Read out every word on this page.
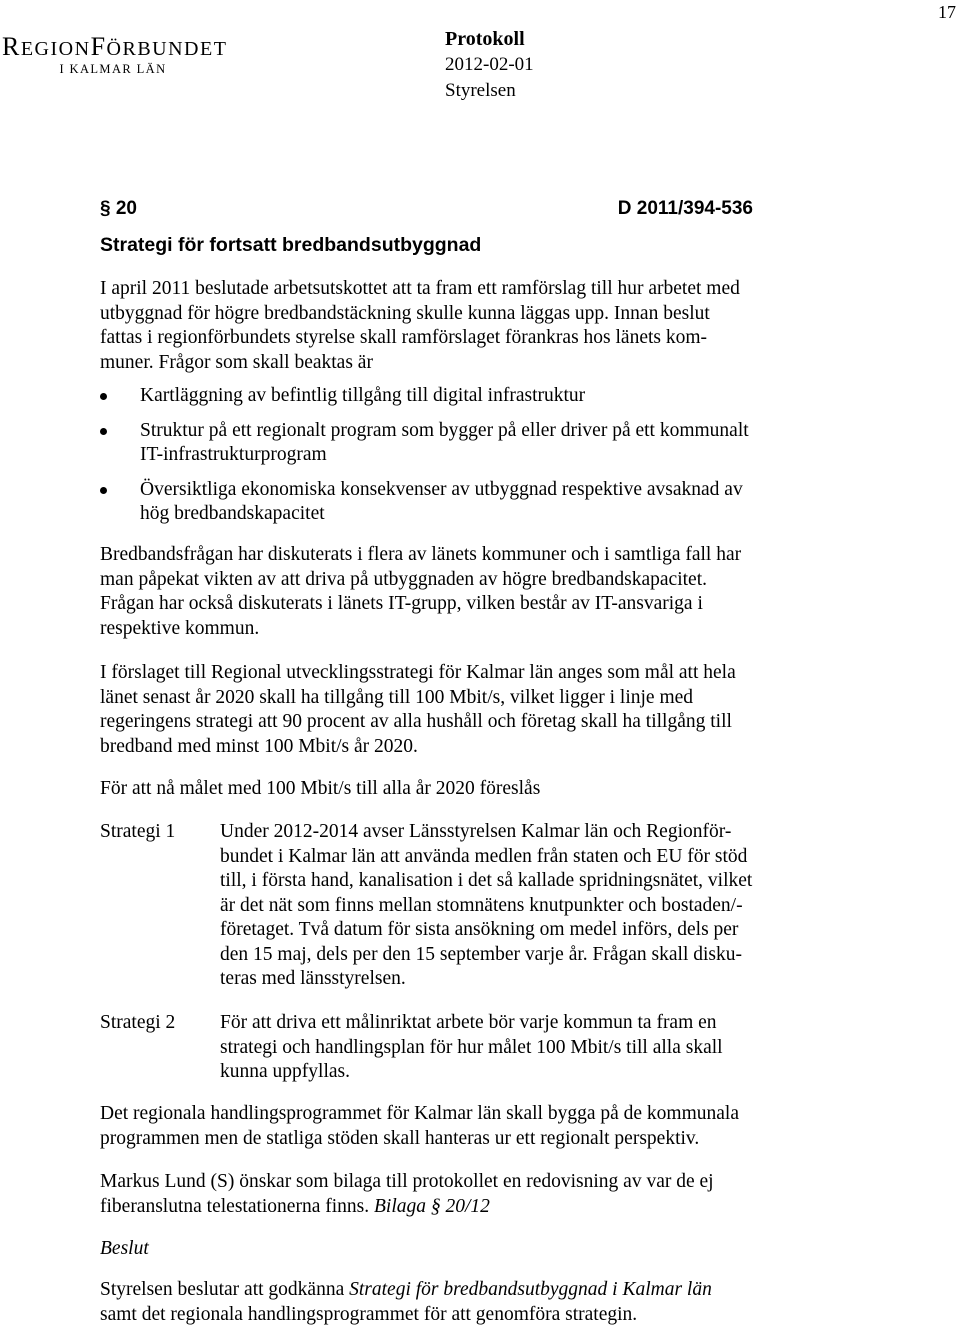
17
REGIONFÖRBUNDET
I KALMAR LÄN
Protokoll
2012-02-01
Styrelsen
§ 20	D 2011/394-536
Strategi för fortsatt bredbandsutbyggnad

I april 2011 beslutade arbetsutskottet att ta fram ett ramförslag till hur arbetet med

utbyggnad för högre bredbandstäckning skulle kunna läggas upp. Innan beslut

fattas i regionförbundets styrelse skall ramförslaget förankras hos länets kom-

muner. Frågor som skall beaktas är

Kartläggning av befintlig tillgång till digital infrastruktur
Struktur på ett regionalt program som bygger på eller driver på ett kommunalt
IT-infrastrukturprogram
Översiktliga ekonomiska konsekvenser av utbyggnad respektive avsaknad av
hög bredbandskapacitet

Bredbandsfrågan har diskuterats i flera av länets kommuner och i samtliga fall har

man påpekat vikten av att driva på utbyggnaden av högre bredbandskapacitet.

Frågan har också diskuterats i länets IT-grupp, vilken består av IT-ansvariga i

respektive kommun.

I förslaget till Regional utvecklingsstrategi för Kalmar län anges som mål att hela

länet senast år 2020 skall ha tillgång till 100 Mbit/s, vilket ligger i linje med

regeringens strategi att 90 procent av alla hushåll och företag skall ha tillgång till

bredband med minst 100 Mbit/s år 2020.

För att nå målet med 100 Mbit/s till alla år 2020 föreslås

Strategi 1 Under 2012-2014 avser Länsstyrelsen Kalmar län och Regionför-
bundet i Kalmar län att använda medlen från staten och EU för stöd
till, i första hand, kanalisation i det så kallade spridningsnätet, vilket
är det nät som finns mellan stomnätens knutpunkter och bostaden/-
företaget. Två datum för sista ansökning om medel införs, dels per
den 15 maj, dels per den 15 september varje år. Frågan skall disku-
teras med länsstyrelsen.
Strategi 2 För att driva ett målinriktat arbete bör varje kommun ta fram en
strategi och handlingsplan för hur målet 100 Mbit/s till alla skall
kunna uppfyllas.

Det regionala handlingsprogrammet för Kalmar län skall bygga på de kommunala

programmen men de statliga stöden skall hanteras ur ett regionalt perspektiv.

Markus Lund (S) önskar som bilaga till protokollet en redovisning av var de ej

fiberanslutna telestationerna finns. Bilaga § 20/12

Beslut

Styrelsen beslutar att godkänna Strategi för bredbandsutbyggnad i Kalmar län

samt det regionala handlingsprogrammet för att genomföra strategin.
